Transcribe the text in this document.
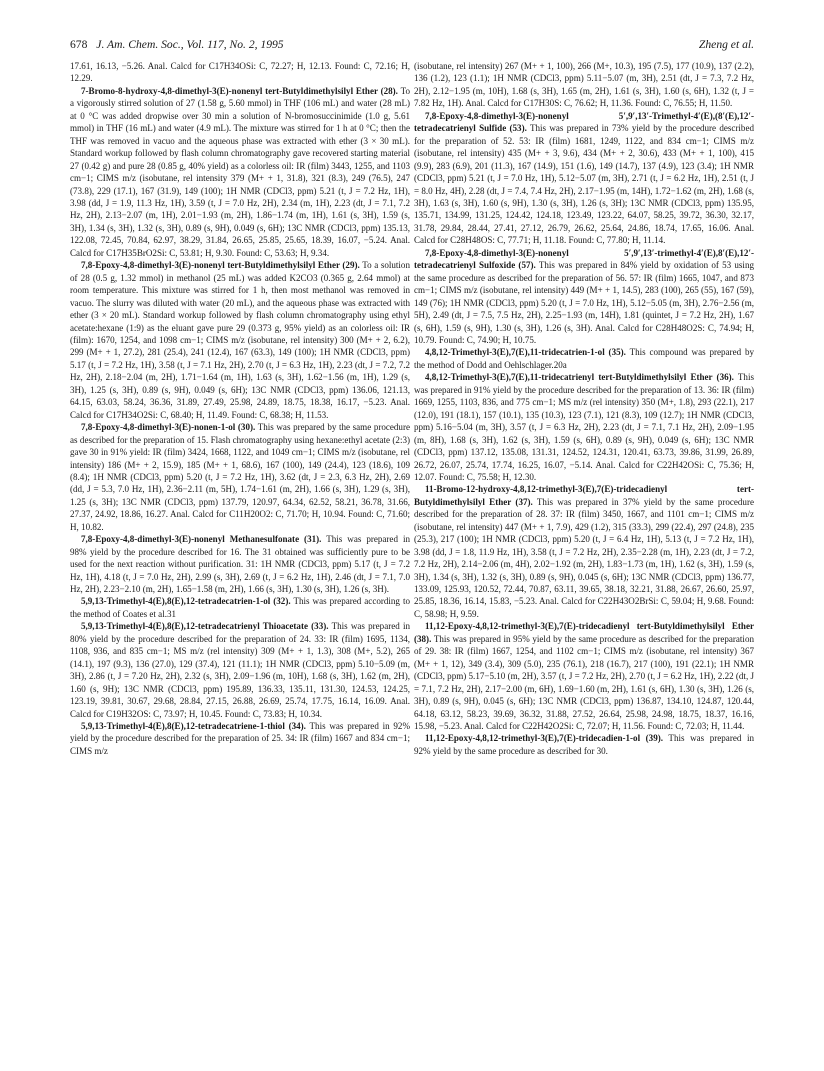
678 J. Am. Chem. Soc., Vol. 117, No. 2, 1995	Zheng et al.

17.61, 16.13, −5.26. Anal. Calcd for C17H34OSi: C, 72.27; H, 12.13. Found: C, 72.16; H, 12.29.

7-Bromo-8-hydroxy-4,8-dimethyl-3(E)-nonenyl tert-Butyldimethylsilyl Ether (28). To a vigorously stirred solution of 27 (1.58 g, 5.60 mmol) in THF (106 mL) and water (28 mL) at 0 °C was added dropwise over 30 min a solution of N-bromosuccinimide (1.0 g, 5.61 mmol) in THF (16 mL) and water (4.9 mL). The mixture was stirred for 1 h at 0 °C; then the THF was removed in vacuo and the aqueous phase was extracted with ether (3 × 30 mL). Standard workup followed by flash column chromatography gave recovered starting material 27 (0.42 g) and pure 28 (0.85 g, 40% yield) as a colorless oil: IR (film) 3443, 1255, and 1103 cm−1; CIMS m/z (isobutane, rel intensity 379 (M+ + 1, 31.8), 321 (8.3), 249 (76.5), 247 (73.8), 229 (17.1), 167 (31.9), 149 (100); 1H NMR (CDCl3, ppm) 5.21 (t, J = 7.2 Hz, 1H), 3.98 (dd, J = 1.9, 11.3 Hz, 1H), 3.59 (t, J = 7.0 Hz, 2H), 2.34 (m, 1H), 2.23 (dt, J = 7.1, 7.2 Hz, 2H), 2.13−2.07 (m, 1H), 2.01−1.93 (m, 2H), 1.86−1.74 (m, 1H), 1.61 (s, 3H), 1.59 (s, 3H), 1.34 (s, 3H), 1.32 (s, 3H), 0.89 (s, 9H), 0.049 (s, 6H); 13C NMR (CDCl3, ppm) 135.13, 122.08, 72.45, 70.84, 62.97, 38.29, 31.84, 26.65, 25.85, 25.65, 18.39, 16.07, −5.24. Anal. Calcd for C17H35BrO2Si: C, 53.81; H, 9.30. Found: C, 53.63; H, 9.34.

7,8-Epoxy-4,8-dimethyl-3(E)-nonenyl tert-Butyldimethylsilyl Ether (29). To a solution of 28 (0.5 g, 1.32 mmol) in methanol (25 mL) was added K2CO3 (0.365 g, 2.64 mmol) at room temperature. This mixture was stirred for 1 h, then most methanol was removed in vacuo. The slurry was diluted with water (20 mL), and the aqueous phase was extracted with ether (3 × 20 mL). Standard workup followed by flash column chromatography using ethyl acetate:hexane (1:9) as the eluant gave pure 29 (0.373 g, 95% yield) as an colorless oil: IR (film): 1670, 1254, and 1098 cm−1; CIMS m/z (isobutane, rel intensity) 300 (M+ + 2, 6.2), 299 (M+ + 1, 27.2), 281 (25.4), 241 (12.4), 167 (63.3), 149 (100); 1H NMR (CDCl3, ppm) 5.17 (t, J = 7.2 Hz, 1H), 3.58 (t, J = 7.1 Hz, 2H), 2.70 (t, J = 6.3 Hz, 1H), 2.23 (dt, J = 7.2, 7.2 Hz, 2H), 2.18−2.04 (m, 2H), 1.71−1.64 (m, 1H), 1.63 (s, 3H), 1.62−1.56 (m, 1H), 1.29 (s, 3H), 1.25 (s, 3H), 0.89 (s, 9H), 0.049 (s, 6H); 13C NMR (CDCl3, ppm) 136.06, 121.13, 64.15, 63.03, 58.24, 36.36, 31.89, 27.49, 25.98, 24.89, 18.75, 18.38, 16.17, −5.23. Anal. Calcd for C17H34O2Si: C, 68.40; H, 11.49. Found: C, 68.38; H, 11.53.

7,8-Epoxy-4,8-dimethyl-3(E)-nonen-1-ol (30). This was prepared by the same procedure as described for the preparation of 15. Flash chromatography using hexane:ethyl acetate (2:3) gave 30 in 91% yield: IR (film) 3424, 1668, 1122, and 1049 cm−1; CIMS m/z (isobutane, rel intensity) 186 (M+ + 2, 15.9), 185 (M+ + 1, 68.6), 167 (100), 149 (24.4), 123 (18.6), 109 (8.4); 1H NMR (CDCl3, ppm) 5.20 (t, J = 7.2 Hz, 1H), 3.62 (dt, J = 2.3, 6.3 Hz, 2H), 2.69 (dd, J = 5.3, 7.0 Hz, 1H), 2.36−2.11 (m, 5H), 1.74−1.61 (m, 2H), 1.66 (s, 3H), 1.29 (s, 3H), 1.25 (s, 3H); 13C NMR (CDCl3, ppm) 137.79, 120.97, 64.34, 62.52, 58.21, 36.78, 31.66, 27.37, 24.92, 18.86, 16.27. Anal. Calcd for C11H20O2: C, 71.70; H, 10.94. Found: C, 71.60; H, 10.82.

7,8-Epoxy-4,8-dimethyl-3(E)-nonenyl Methanesulfonate (31). This was prepared in 98% yield by the procedure described for 16. The 31 obtained was sufficiently pure to be used for the next reaction without purification. 31: 1H NMR (CDCl3, ppm) 5.17 (t, J = 7.2 Hz, 1H), 4.18 (t, J = 7.0 Hz, 2H), 2.99 (s, 3H), 2.69 (t, J = 6.2 Hz, 1H), 2.46 (dt, J = 7.1, 7.0 Hz, 2H), 2.23−2.10 (m, 2H), 1.65−1.58 (m, 2H), 1.66 (s, 3H), 1.30 (s, 3H), 1.26 (s, 3H).

5,9,13-Trimethyl-4(E),8(E),12-tetradecatrien-1-ol (32). This was prepared according to the method of Coates et al.31

5,9,13-Trimethyl-4(E),8(E),12-tetradecatrienyl Thioacetate (33). This was prepared in 80% yield by the procedure described for the preparation of 24. 33: IR (film) 1695, 1134, 1108, 936, and 835 cm−1; MS m/z (rel intensity) 309 (M+ + 1, 1.3), 308 (M+, 5.2), 265 (14.1), 197 (9.3), 136 (27.0), 129 (37.4), 121 (11.1); 1H NMR (CDCl3, ppm) 5.10−5.09 (m, 3H), 2.86 (t, J = 7.20 Hz, 2H), 2.32 (s, 3H), 2.09−1.96 (m, 10H), 1.68 (s, 3H), 1.62 (m, 2H), 1.60 (s, 9H); 13C NMR (CDCl3, ppm) 195.89, 136.33, 135.11, 131.30, 124.53, 124.25, 123.19, 39.81, 30.67, 29.68, 28.84, 27.15, 26.88, 26.69, 25.74, 17.75, 16.14, 16.09. Anal. Calcd for C19H32OS: C, 73.97; H, 10.45. Found: C, 73.83; H, 10.34.

5,9,13-Trimethyl-4(E),8(E),12-tetradecatriene-1-thiol (34). This was prepared in 92% yield by the procedure described for the preparation of 25. 34: IR (film) 1667 and 834 cm−1; CIMS m/z

(isobutane, rel intensity) 267 (M+ + 1, 100), 266 (M+, 10.3), 195 (7.5), 177 (10.9), 137 (2.2), 136 (1.2), 123 (1.1); 1H NMR (CDCl3, ppm) 5.11−5.07 (m, 3H), 2.51 (dt, J = 7.3, 7.2 Hz, 2H), 2.12−1.95 (m, 10H), 1.68 (s, 3H), 1.65 (m, 2H), 1.61 (s, 3H), 1.60 (s, 6H), 1.32 (t, J = 7.82 Hz, 1H). Anal. Calcd for C17H30S: C, 76.62; H, 11.36. Found: C, 76.55; H, 11.50.

7,8-Epoxy-4,8-dimethyl-3(E)-nonenyl 5′,9′,13′-Trimethyl-4′(E),(8′(E),12′-tetradecatrienyl Sulfide (53). This was prepared in 73% yield by the procedure described for the preparation of 52. 53: IR (film) 1681, 1249, 1122, and 834 cm−1; CIMS m/z (isobutane, rel intensity) 435 (M+ + 3, 9.6), 434 (M+ + 2, 30.6), 433 (M+ + 1, 100), 415 (9.9), 283 (6.9), 201 (11.3), 167 (14.9), 151 (1.6), 149 (14.7), 137 (4.9), 123 (3.4); 1H NMR (CDCl3, ppm) 5.21 (t, J = 7.0 Hz, 1H), 5.12−5.07 (m, 3H), 2.71 (t, J = 6.2 Hz, 1H), 2.51 (t, J = 8.0 Hz, 4H), 2.28 (dt, J = 7.4, 7.4 Hz, 2H), 2.17−1.95 (m, 14H), 1.72−1.62 (m, 2H), 1.68 (s, 3H), 1.63 (s, 3H), 1.60 (s, 9H), 1.30 (s, 3H), 1.26 (s, 3H); 13C NMR (CDCl3, ppm) 135.95, 135.71, 134.99, 131.25, 124.42, 124.18, 123.49, 123.22, 64.07, 58.25, 39.72, 36.30, 32.17, 31.78, 29.84, 28.44, 27.41, 27.12, 26.79, 26.62, 25.64, 24.86, 18.74, 17.65, 16.06. Anal. Calcd for C28H48OS: C, 77.71; H, 11.18. Found: C, 77.80; H, 11.14.

7,8-Epoxy-4,8-dimethyl-3(E)-nonenyl 5′,9′,13′-trimethyl-4′(E),8′(E),12′-tetradecatrienyl Sulfoxide (57). This was prepared in 84% yield by oxidation of 53 using the same procedure as described for the preparation of 56. 57: IR (film) 1665, 1047, and 873 cm−1; CIMS m/z (isobutane, rel intensity) 449 (M+ + 1, 14.5), 283 (100), 265 (55), 167 (59), 149 (76); 1H NMR (CDCl3, ppm) 5.20 (t, J = 7.0 Hz, 1H), 5.12−5.05 (m, 3H), 2.76−2.56 (m, 5H), 2.49 (dt, J = 7.5, 7.5 Hz, 2H), 2.25−1.93 (m, 14H), 1.81 (quintet, J = 7.2 Hz, 2H), 1.67 (s, 6H), 1.59 (s, 9H), 1.30 (s, 3H), 1.26 (s, 3H). Anal. Calcd for C28H48O2S: C, 74.94; H, 10.79. Found: C, 74.90; H, 10.75.

4,8,12-Trimethyl-3(E),7(E),11-tridecatrien-1-ol (35). This compound was prepared by the method of Dodd and Oehlschlager.20a

4,8,12-Trimethyl-3(E),7(E),11-tridecatrienyl tert-Butyldimethylsilyl Ether (36). This was prepared in 91% yield by the procedure described for the preparation of 13. 36: IR (film) 1669, 1255, 1103, 836, and 775 cm−1; MS m/z (rel intensity) 350 (M+, 1.8), 293 (22.1), 217 (12.0), 191 (18.1), 157 (10.1), 135 (10.3), 123 (7.1), 121 (8.3), 109 (12.7); 1H NMR (CDCl3, ppm) 5.16−5.04 (m, 3H), 3.57 (t, J = 6.3 Hz, 2H), 2.23 (dt, J = 7.1, 7.1 Hz, 2H), 2.09−1.95 (m, 8H), 1.68 (s, 3H), 1.62 (s, 3H), 1.59 (s, 6H), 0.89 (s, 9H), 0.049 (s, 6H); 13C NMR (CDCl3, ppm) 137.12, 135.08, 131.31, 124.52, 124.31, 120.41, 63.73, 39.86, 31.99, 26.89, 26.72, 26.07, 25.74, 17.74, 16.25, 16.07, −5.14. Anal. Calcd for C22H42OSi: C, 75.36; H, 12.07. Found: C, 75.58; H, 12.30.

11-Bromo-12-hydroxy-4,8,12-trimethyl-3(E),7(E)-tridecadienyl tert-Butyldimethylsilyl Ether (37). This was prepared in 37% yield by the same procedure described for the preparation of 28. 37: IR (film) 3450, 1667, and 1101 cm−1; CIMS m/z (isobutane, rel intensity) 447 (M+ + 1, 7.9), 429 (1.2), 315 (33.3), 299 (22.4), 297 (24.8), 235 (25.3), 217 (100); 1H NMR (CDCl3, ppm) 5.20 (t, J = 6.4 Hz, 1H), 5.13 (t, J = 7.2 Hz, 1H), 3.98 (dd, J = 1.8, 11.9 Hz, 1H), 3.58 (t, J = 7.2 Hz, 2H), 2.35−2.28 (m, 1H), 2.23 (dt, J = 7.2, 7.2 Hz, 2H), 2.14−2.06 (m, 4H), 2.02−1.92 (m, 2H), 1.83−1.73 (m, 1H), 1.62 (s, 3H), 1.59 (s, 3H), 1.34 (s, 3H), 1.32 (s, 3H), 0.89 (s, 9H), 0.045 (s, 6H); 13C NMR (CDCl3, ppm) 136.77, 133.09, 125.93, 120.52, 72.44, 70.87, 63.11, 39.65, 38.18, 32.21, 31.88, 26.67, 26.60, 25.97, 25.85, 18.36, 16.14, 15.83, −5.23. Anal. Calcd for C22H43O2BrSi: C, 59.04; H, 9.68. Found: C, 58.98; H, 9.59.

11,12-Epoxy-4,8,12-trimethyl-3(E),7(E)-tridecadienyl tert-Butyldimethylsilyl Ether (38). This was prepared in 95% yield by the same procedure as described for the preparation of 29. 38: IR (film) 1667, 1254, and 1102 cm−1; CIMS m/z (isobutane, rel intensity) 367 (M+ + 1, 12), 349 (3.4), 309 (5.0), 235 (76.1), 218 (16.7), 217 (100), 191 (22.1); 1H NMR (CDCl3, ppm) 5.17−5.10 (m, 2H), 3.57 (t, J = 7.2 Hz, 2H), 2.70 (t, J = 6.2 Hz, 1H), 2.22 (dt, J = 7.1, 7.2 Hz, 2H), 2.17−2.00 (m, 6H), 1.69−1.60 (m, 2H), 1.61 (s, 6H), 1.30 (s, 3H), 1.26 (s, 3H), 0.89 (s, 9H), 0.045 (s, 6H); 13C NMR (CDCl3, ppm) 136.87, 134.10, 124.87, 120.44, 64.18, 63.12, 58.23, 39.69, 36.32, 31.88, 27.52, 26.64, 25.98, 24.98, 18.75, 18.37, 16.16, 15.98, −5.23. Anal. Calcd for C22H42O2Si: C, 72.07; H, 11.56. Found: C, 72.03; H, 11.44.

11,12-Epoxy-4,8,12-trimethyl-3(E),7(E)-tridecadien-1-ol (39). This was prepared in 92% yield by the same procedure as described for 30.
